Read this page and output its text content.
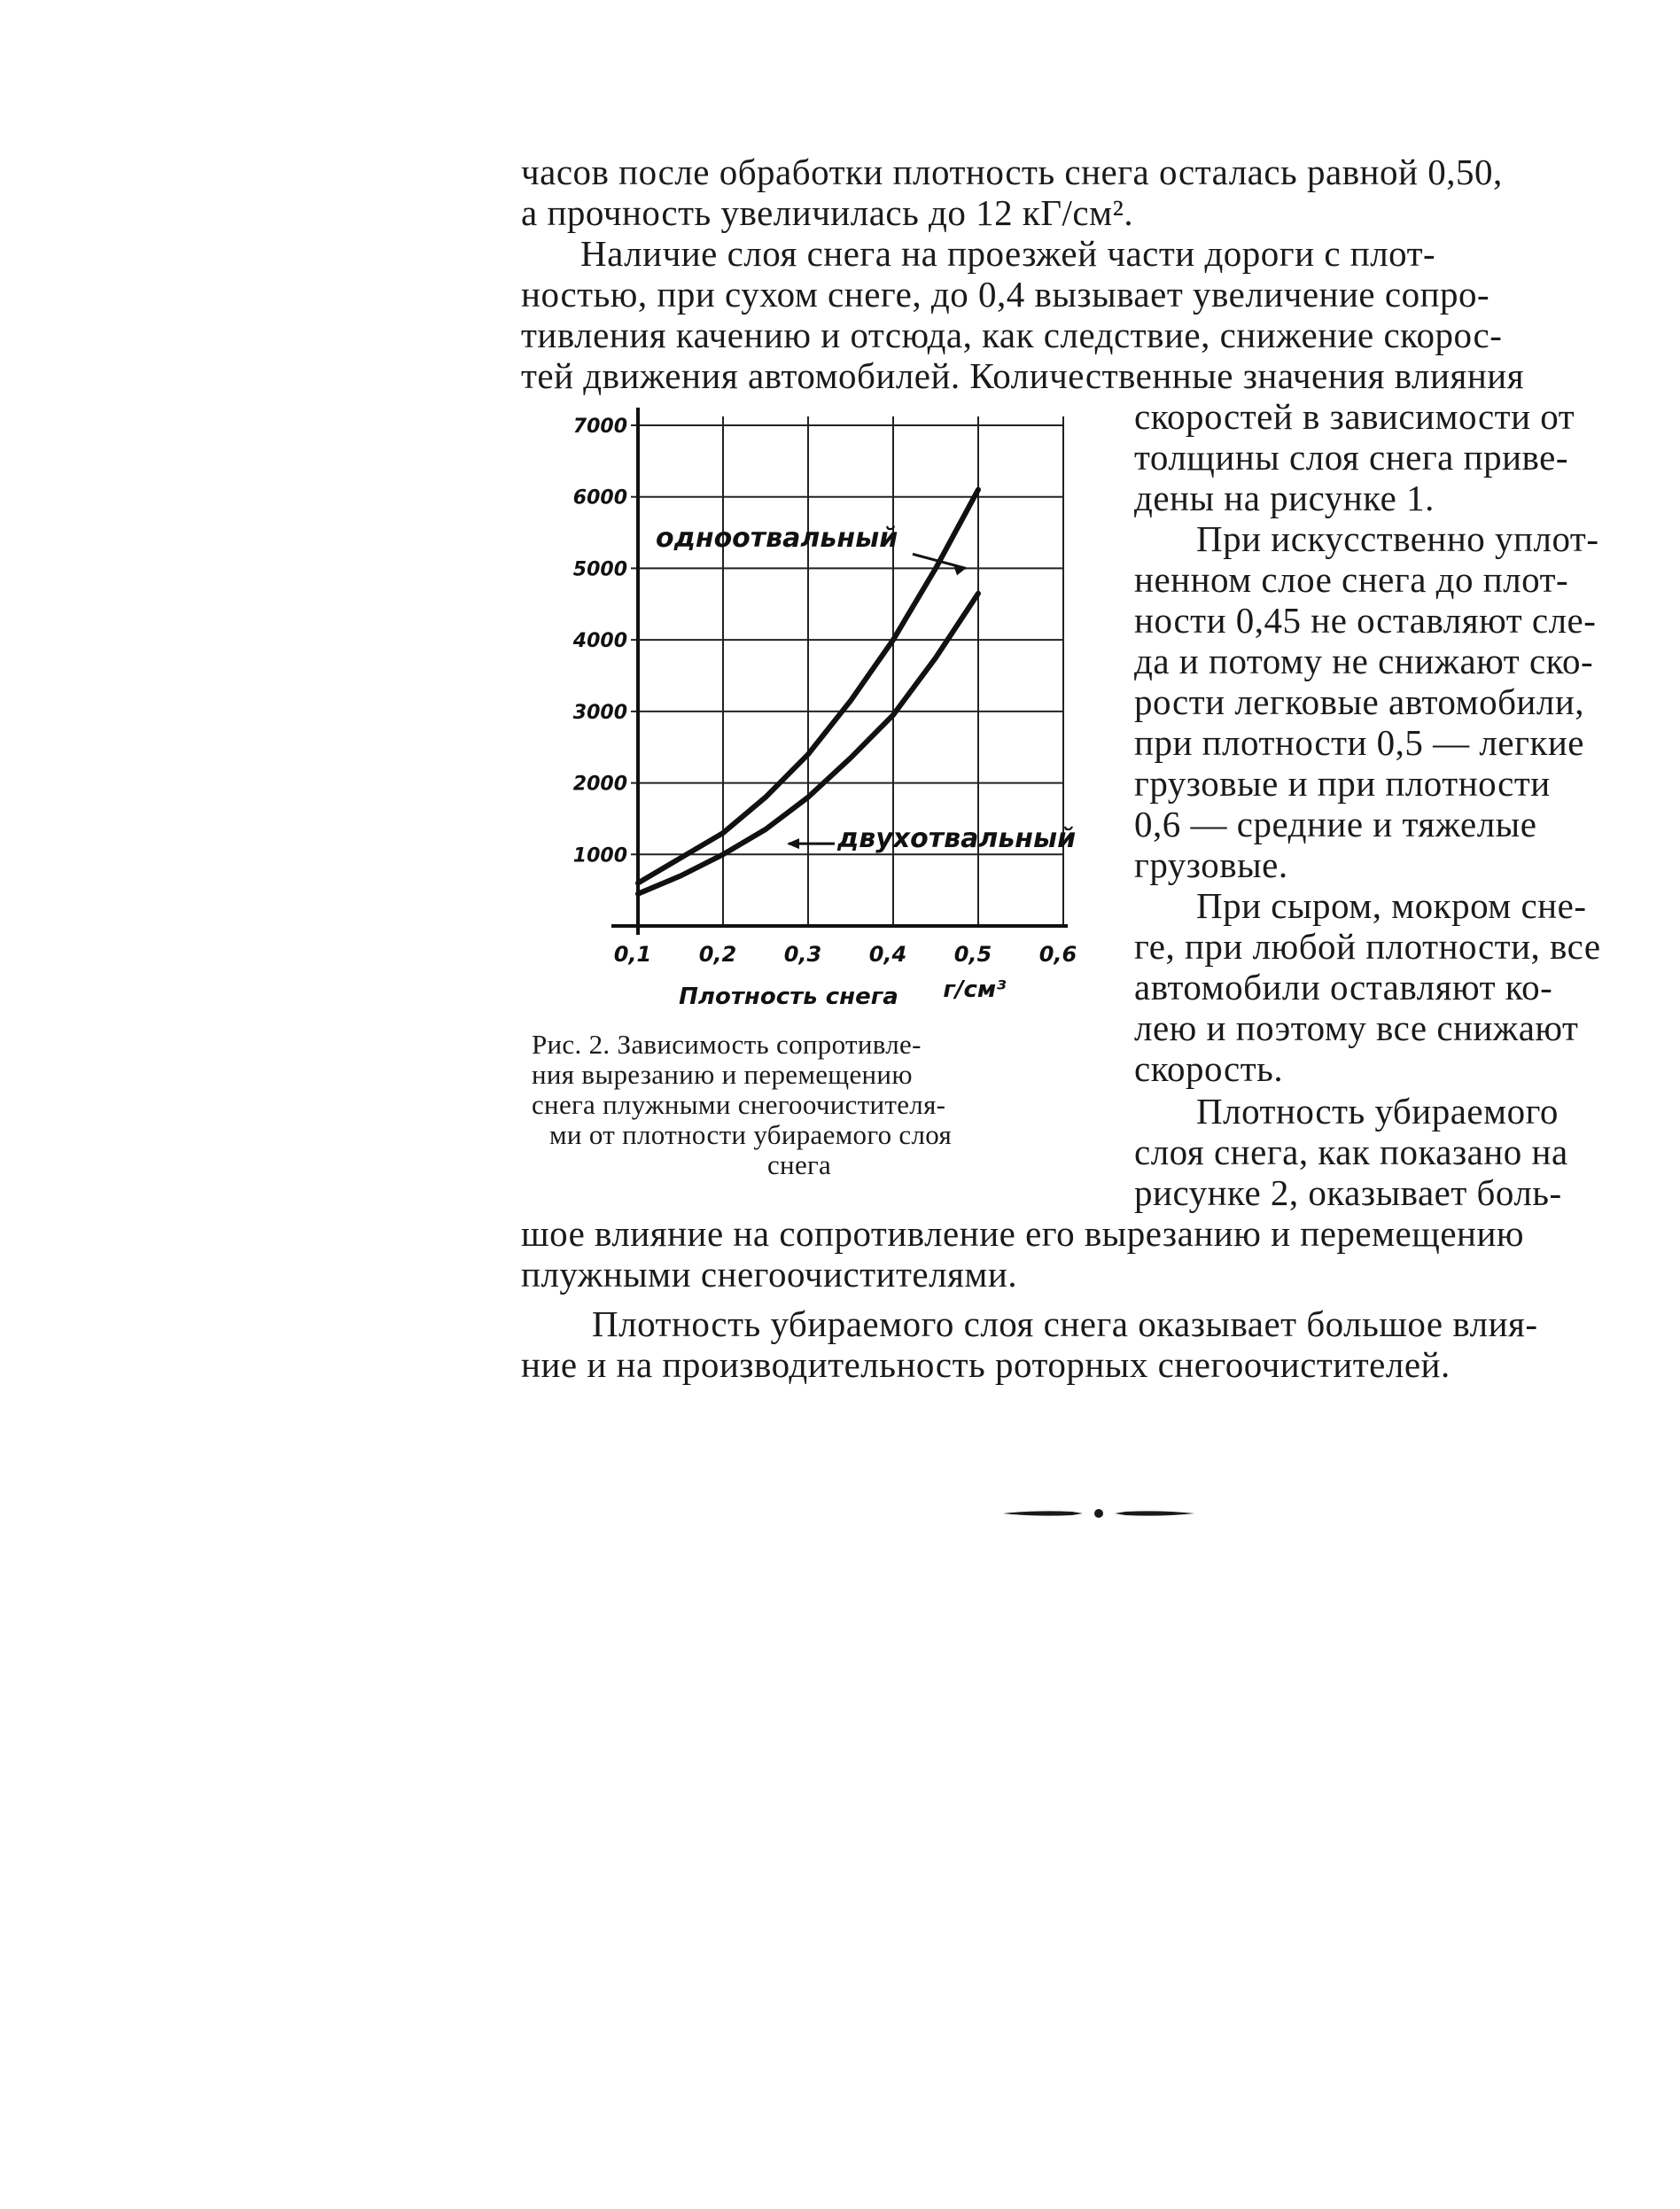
часов после обработки плотность снега осталась равной 0,50,
а прочность увеличилась до 12 кГ/см².
Наличие слоя снега на проезжей части дороги с плот-
ностью, при сухом снеге, до 0,4 вызывает увеличение сопро-
тивления качению и отсюда, как следствие, снижение скорос-
тей движения автомобилей. Количественные значения влияния
скоростей в зависимости от
толщины слоя снега приве-
дены на рисунке 1.
При искусственно уплот-
ненном слое снега до плот-
ности 0,45 не оставляют сле-
да и потому не снижают ско-
рости легковые автомобили,
при плотности 0,5 — легкие
грузовые и при плотности
0,6 — средние и тяжелые
грузовые.
При сыром, мокром сне-
ге, при любой плотности, все
автомобили оставляют ко-
лею и поэтому все снижают
скорость.
Плотность убираемого
слоя снега, как показано на
рисунке 2, оказывает боль-
шое влияние на сопротивление его вырезанию и перемещению
плужными снегоочистителями.
Плотность убираемого слоя снега оказывает большое влия-
ние и на производительность роторных снегоочистителей.
0,1 0,2 0,3 0,4 0,5 0,6
1000
2000
3000
4000
5000
6000
7000
Плотность снега г/см³
одноотвальный
двухотвальный
Рис. 2. Зависимость сопротивле-
ния вырезанию и перемещению
снега плужными снегоочистителя-
ми от плотности убираемого слоя
снега
